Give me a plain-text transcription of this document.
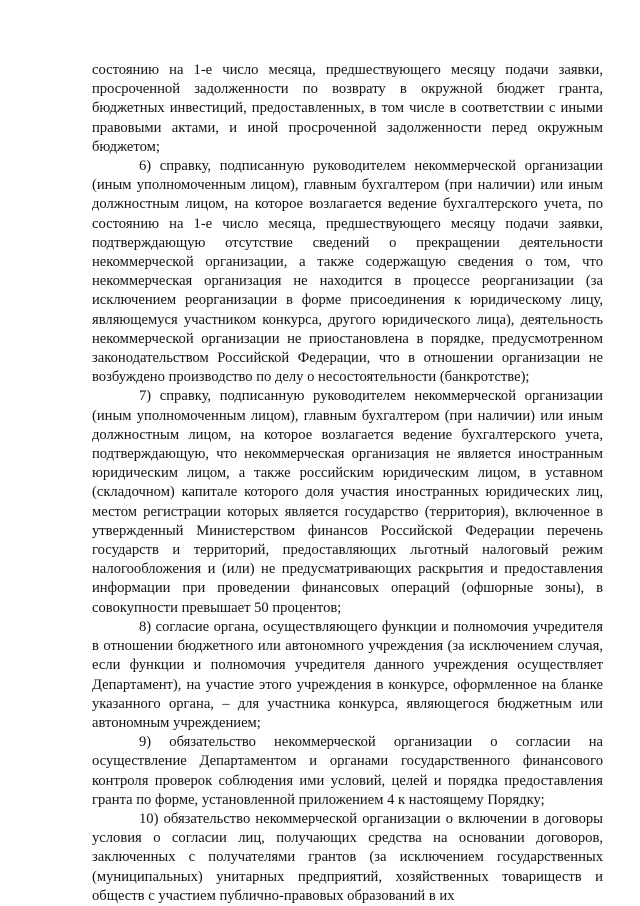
состоянию на 1-е число месяца, предшествующего месяцу подачи заявки, просроченной задолженности по возврату в окружной бюджет гранта, бюджетных инвестиций, предоставленных, в том числе в соответствии с иными правовыми актами, и иной просроченной задолженности перед окружным бюджетом;

6) справку, подписанную руководителем некоммерческой организации (иным уполномоченным лицом), главным бухгалтером (при наличии) или иным должностным лицом, на которое возлагается ведение бухгалтерского учета, по состоянию на 1-е число месяца, предшествующего месяцу подачи заявки, подтверждающую отсутствие сведений о прекращении деятельности некоммерческой организации, а также содержащую сведения о том, что некоммерческая организация не находится в процессе реорганизации (за исключением реорганизации в форме присоединения к юридическому лицу, являющемуся участником конкурса, другого юридического лица), деятельность некоммерческой организации не приостановлена в порядке, предусмотренном законодательством Российской Федерации, что в отношении организации не возбуждено производство по делу о несостоятельности (банкротстве);

7) справку, подписанную руководителем некоммерческой организации (иным уполномоченным лицом), главным бухгалтером (при наличии) или иным должностным лицом, на которое возлагается ведение бухгалтерского учета, подтверждающую, что некоммерческая организация не является иностранным юридическим лицом, а также российским юридическим лицом, в уставном (складочном) капитале которого доля участия иностранных юридических лиц, местом регистрации которых является государство (территория), включенное в утвержденный Министерством финансов Российской Федерации перечень государств и территорий, предоставляющих льготный налоговый режим налогообложения и (или) не предусматривающих раскрытия и предоставления информации при проведении финансовых операций (офшорные зоны), в совокупности превышает 50 процентов;

8) согласие органа, осуществляющего функции и полномочия учредителя в отношении бюджетного или автономного учреждения (за исключением случая, если функции и полномочия учредителя данного учреждения осуществляет Департамент), на участие этого учреждения в конкурсе, оформленное на бланке указанного органа, – для участника конкурса, являющегося бюджетным или автономным учреждением;

9) обязательство некоммерческой организации о согласии на осуществление Департаментом и органами государственного финансового контроля проверок соблюдения ими условий, целей и порядка предоставления гранта по форме, установленной приложением 4 к настоящему Порядку;

10) обязательство некоммерческой организации о включении в договоры условия о согласии лиц, получающих средства на основании договоров, заключенных с получателями грантов (за исключением государственных (муниципальных) унитарных предприятий, хозяйственных товариществ и обществ с участием публично-правовых образований в их
